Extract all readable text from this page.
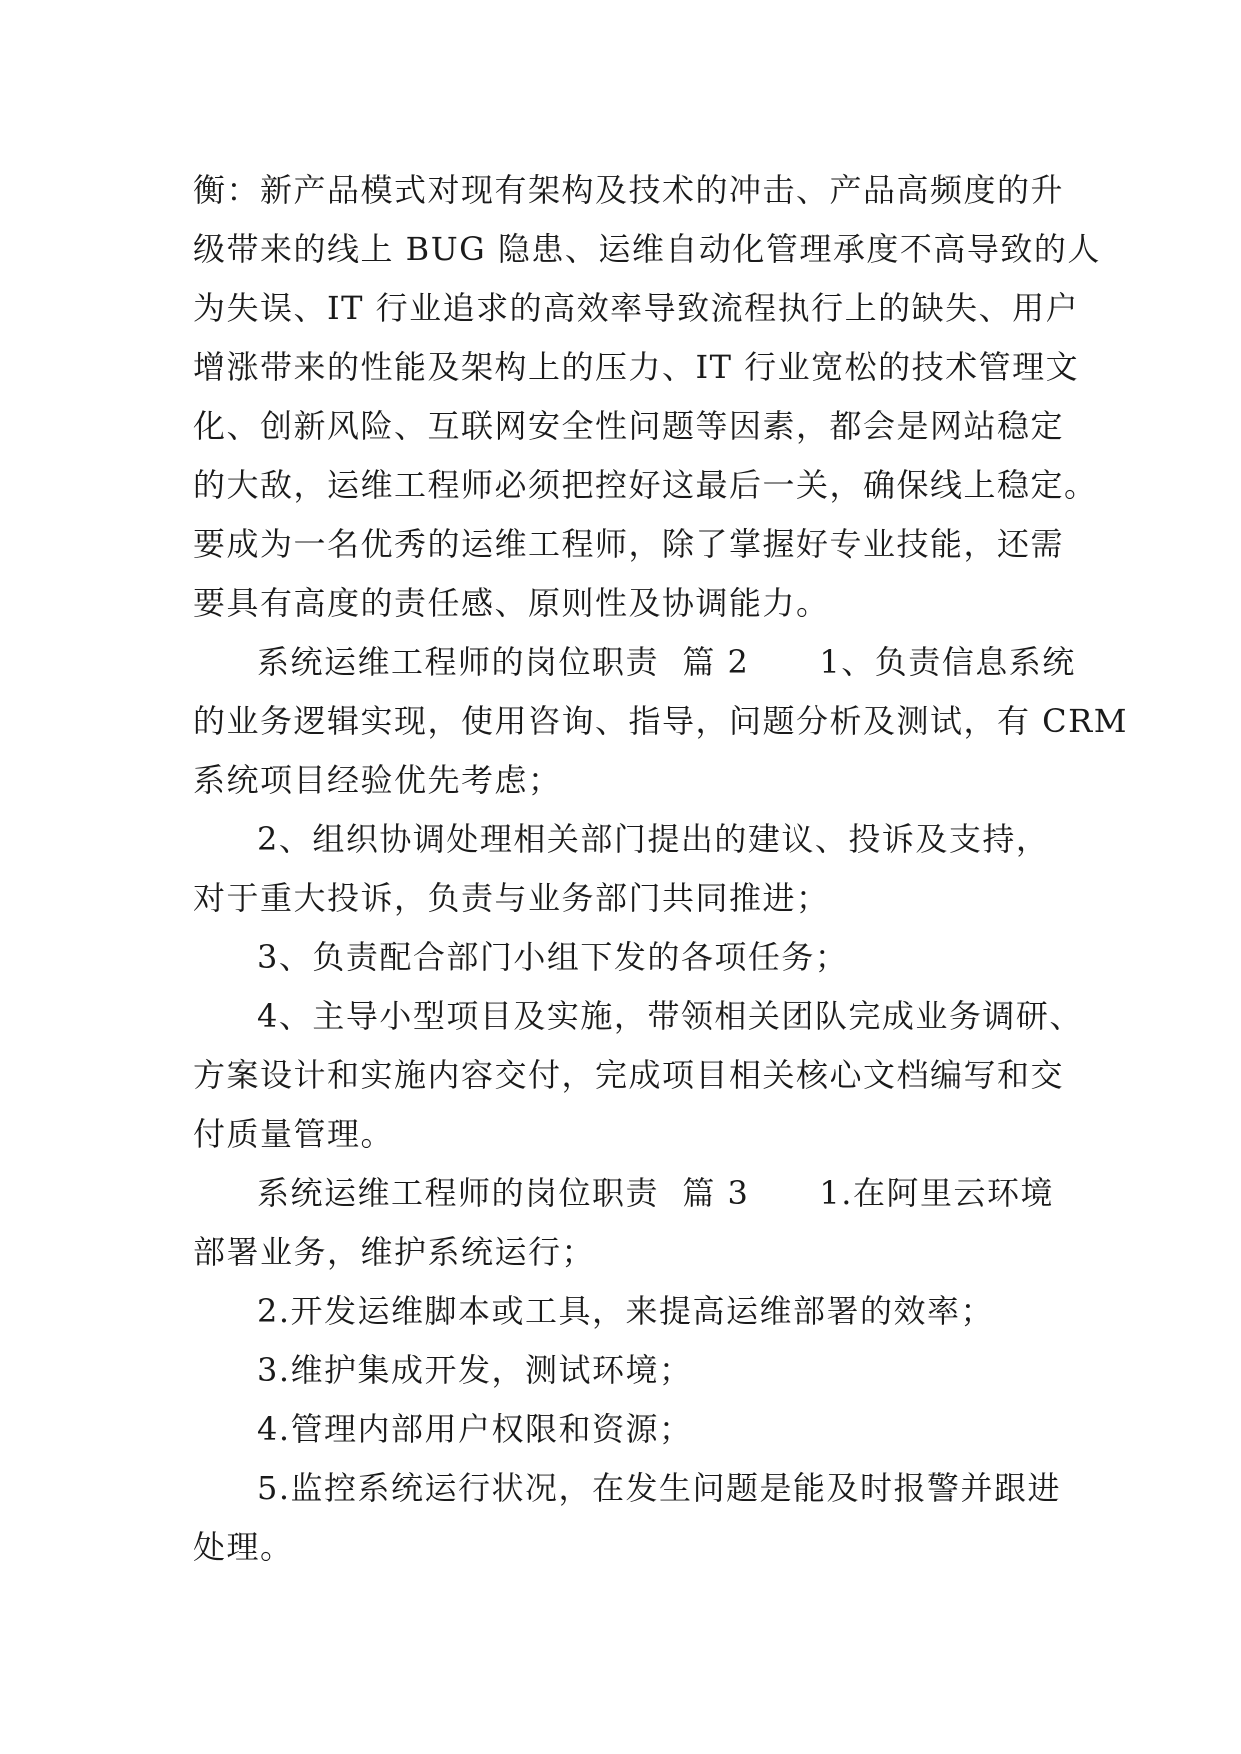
衡：新产品模式对现有架构及技术的冲击、产品高频度的升
级带来的线上 BUG 隐患、运维自动化管理承度不高导致的人
为失误、IT 行业追求的高效率导致流程执行上的缺失、用户
增涨带来的性能及架构上的压力、IT 行业宽松的技术管理文
化、创新风险、互联网安全性问题等因素，都会是网站稳定
的大敌，运维工程师必须把控好这最后一关，确保线上稳定。
要成为一名优秀的运维工程师，除了掌握好专业技能，还需
要具有高度的责任感、原则性及协调能力。
系统运维工程师的岗位职责  篇 2      1、负责信息系统
的业务逻辑实现，使用咨询、指导，问题分析及测试，有 CRM
系统项目经验优先考虑；
2、组织协调处理相关部门提出的建议、投诉及支持，
对于重大投诉，负责与业务部门共同推进；
3、负责配合部门小组下发的各项任务；
4、主导小型项目及实施，带领相关团队完成业务调研、
方案设计和实施内容交付，完成项目相关核心文档编写和交
付质量管理。
系统运维工程师的岗位职责  篇 3      1.在阿里云环境
部署业务，维护系统运行；
2.开发运维脚本或工具，来提高运维部署的效率；
3.维护集成开发，测试环境；
4.管理内部用户权限和资源；
5.监控系统运行状况，在发生问题是能及时报警并跟进
处理。
